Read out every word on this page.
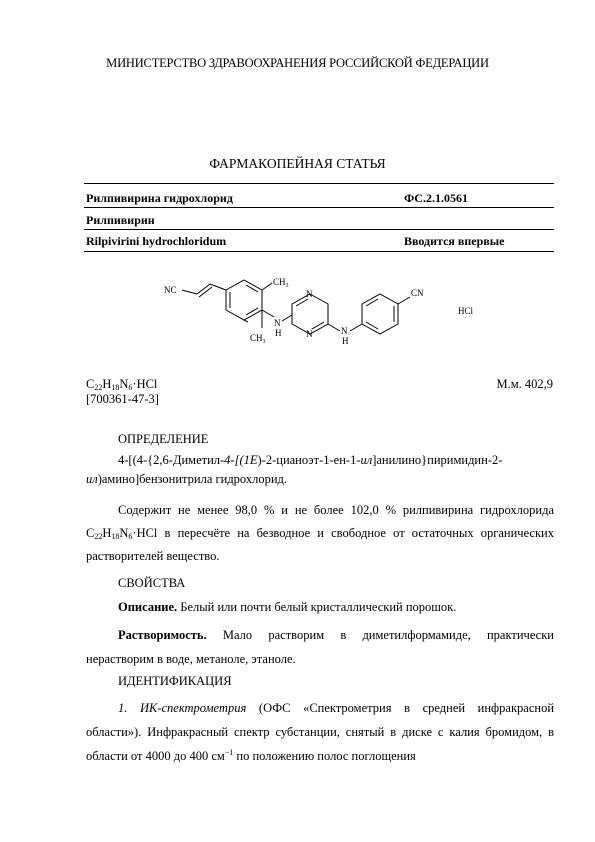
МИНИСТЕРСТВО ЗДРАВООХРАНЕНИЯ РОССИЙСКОЙ ФЕДЕРАЦИИ
ФАРМАКОПЕЙНАЯ СТАТЬЯ
Рилпивирина гидрохлорид	ФС.2.1.0561
Рилпивирин
Rilpivirini hydrochloridum	Вводится впервые
NC
$CH_3$
$CH_3$
N
H
N
N	N
H
CN
HCl
$C_{22}H_{18}N_6\cdot HCl$	М.м. 402,9
[700361-47-3]
ОПРЕДЕЛЕНИЕ
4-[(4-{2,6-Диметил-4-[(1E)-2-цианоэт-1-ен-1-ил]анилино}пиримидин-2-ил)амино]бензонитрила гидрохлорид.
Содержит не менее 98,0 % и не более 102,0 % рилпивирина гидрохлорида $C_{22}H_{18}N_6\cdot HCl$ в пересчёте на безводное и свободное от остаточных органических растворителей вещество.
СВОЙСТВА
Описание. Белый или почти белый кристаллический порошок.
Растворимость. Мало растворим в диметилформамиде, практически нерастворим в воде, метаноле, этаноле.
ИДЕНТИФИКАЦИЯ
1. ИК-спектрометрия (ОФС «Спектрометрия в средней инфракрасной области»). Инфракрасный спектр субстанции, снятый в диске с калия бромидом, в области от 4000 до 400 $см^{-1}$ по положению полос поглощения
